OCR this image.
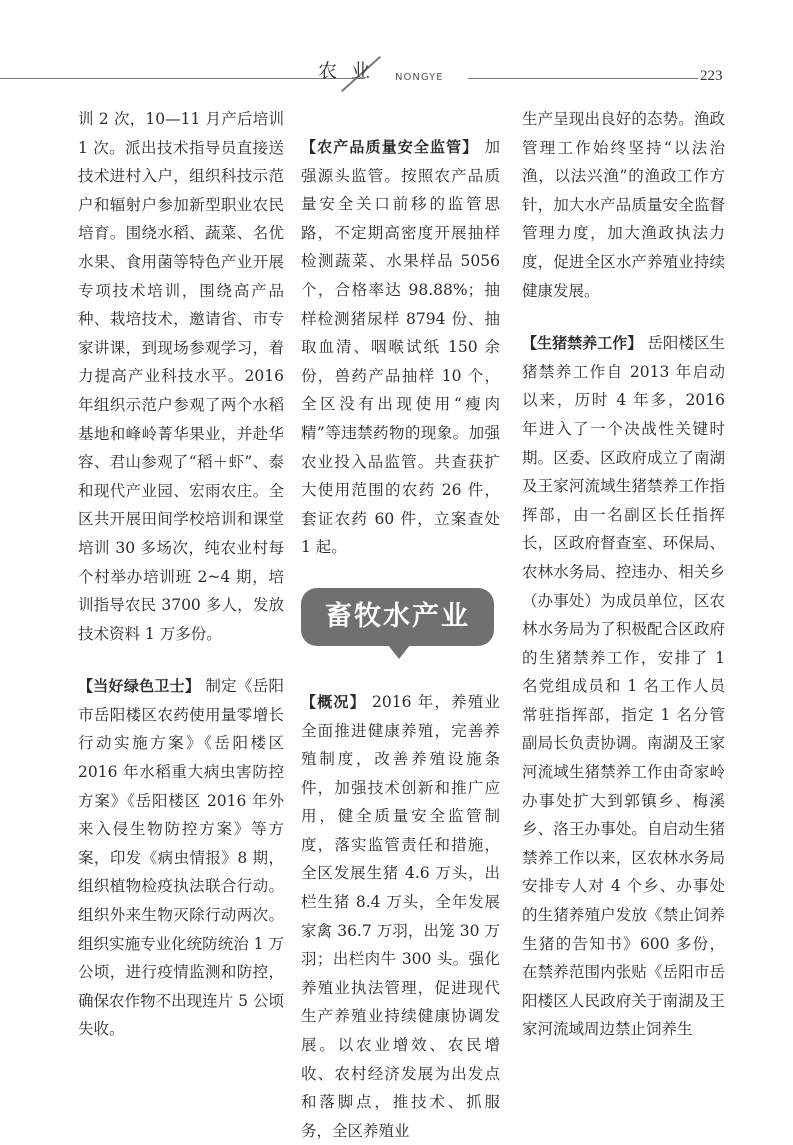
农 业 NONGYE	223

训 2 次，10—11 月产后培训 1 次。派出技术指导员直接送技术进村入户，组织科技示范户和辐射户参加新型职业农民培育。围绕水稻、蔬菜、名优水果、食用菌等特色产业开展专项技术培训，围绕高产品种、栽培技术，邀请省、市专家讲课，到现场参观学习，着力提高产业科技水平。2016 年组织示范户参观了两个水稻基地和峰岭菁华果业，并赴华容、君山参观了“稻＋虾”、泰和现代产业园、宏雨农庄。全区共开展田间学校培训和课堂培训 30 多场次，纯农业村每个村举办培训班 2~4 期，培训指导农民 3700 多人，发放技术资料 1 万多份。

【当好绿色卫士】 制定《岳阳市岳阳楼区农药使用量零增长行动实施方案》《岳阳楼区 2016 年水稻重大病虫害防控方案》《岳阳楼区 2016 年外来入侵生物防控方案》等方案，印发《病虫情报》8 期，组织植物检疫执法联合行动。组织外来生物灭除行动两次。组织实施专业化统防统治 1 万公顷，进行疫情监测和防控，确保农作物不出现连片 5 公顷失收。

【农产品质量安全监管】 加强源头监管。按照农产品质量安全关口前移的监管思路，不定期高密度开展抽样检测蔬菜、水果样品 5056 个，合格率达 98.88%；抽样检测猪尿样 8794 份、抽取血清、咽喉试纸 150 余份，兽药产品抽样 10 个，全区没有出现使用“瘦肉精”等违禁药物的现象。加强农业投入品监管。共查获扩大使用范围的农药 26 件，套证农药 60 件，立案查处 1 起。

畜牧水产业

【概况】 2016 年，养殖业全面推进健康养殖，完善养殖制度，改善养殖设施条件，加强技术创新和推广应用，健全质量安全监管制度，落实监管责任和措施，全区发展生猪 4.6 万头，出栏生猪 8.4 万头，全年发展家禽 36.7 万羽，出笼 30 万羽；出栏肉牛 300 头。强化养殖业执法管理，促进现代生产养殖业持续健康协调发展。以农业增效、农民增收、农村经济发展为出发点和落脚点，推技术、抓服务，全区养殖业

生产呈现出良好的态势。渔政管理工作始终坚持“以法治渔，以法兴渔”的渔政工作方针，加大水产品质量安全监督管理力度，加大渔政执法力度，促进全区水产养殖业持续健康发展。

【生猪禁养工作】 岳阳楼区生猪禁养工作自 2013 年启动以来，历时 4 年多，2016 年进入了一个决战性关键时期。区委、区政府成立了南湖及王家河流域生猪禁养工作指挥部，由一名副区长任指挥长，区政府督查室、环保局、农林水务局、控违办、相关乡（办事处）为成员单位，区农林水务局为了积极配合区政府的生猪禁养工作，安排了 1 名党组成员和 1 名工作人员常驻指挥部，指定 1 名分管副局长负责协调。南湖及王家河流域生猪禁养工作由奇家岭办事处扩大到郭镇乡、梅溪乡、洛王办事处。自启动生猪禁养工作以来，区农林水务局安排专人对 4 个乡、办事处的生猪养殖户发放《禁止饲养生猪的告知书》600 多份，在禁养范围内张贴《岳阳市岳阳楼区人民政府关于南湖及王家河流域周边禁止饲养生
